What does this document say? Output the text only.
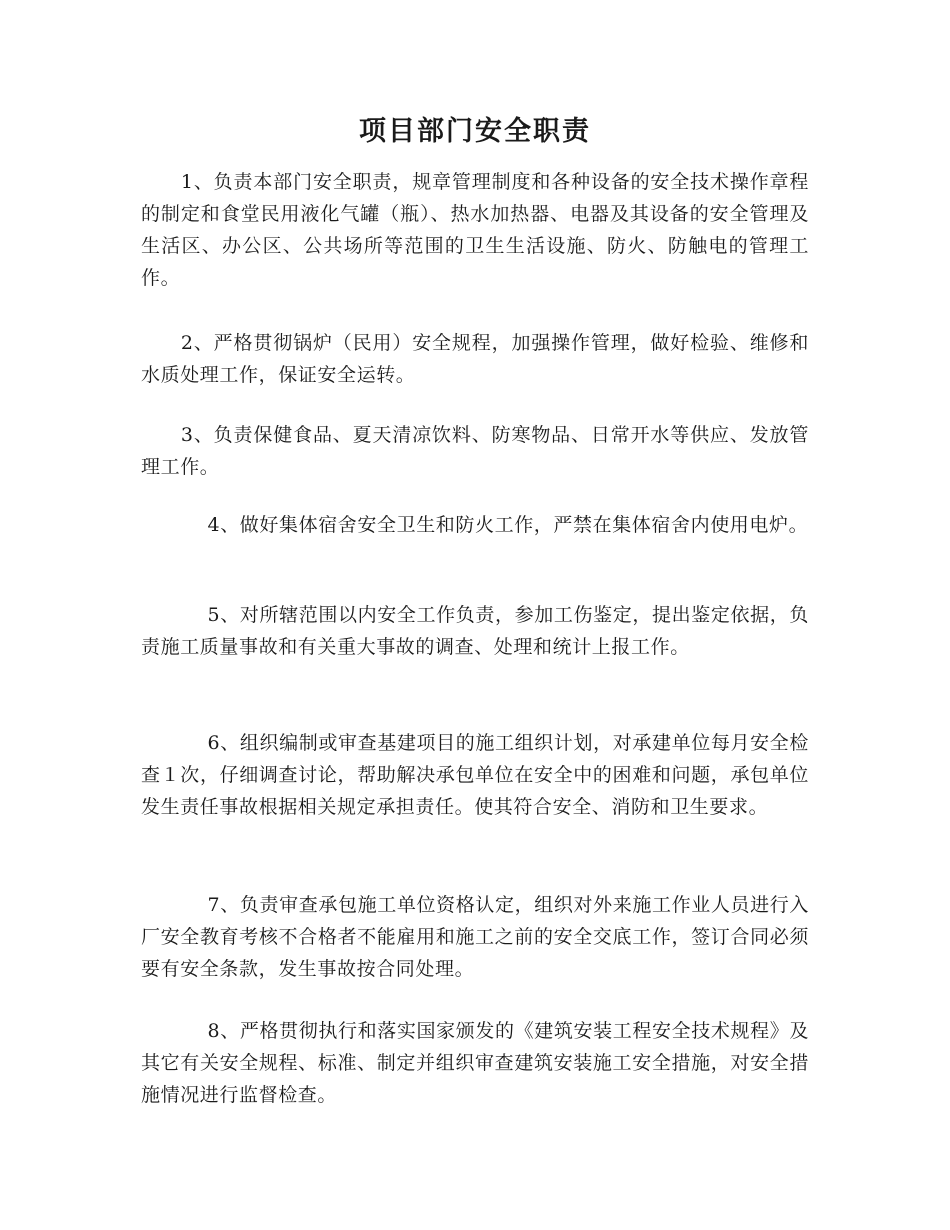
项目部门安全职责

1、负责本部门安全职责，规章管理制度和各种设备的安全技术操作章程的制定和食堂民用液化气罐（瓶）、热水加热器、电器及其设备的安全管理及生活区、办公区、公共场所等范围的卫生生活设施、防火、防触电的管理工作。

2、严格贯彻锅炉（民用）安全规程，加强操作管理，做好检验、维修和水质处理工作，保证安全运转。

3、负责保健食品、夏天清凉饮料、防寒物品、日常开水等供应、发放管理工作。

4、做好集体宿舍安全卫生和防火工作，严禁在集体宿舍内使用电炉。

5、对所辖范围以内安全工作负责，参加工伤鉴定，提出鉴定依据，负责施工质量事故和有关重大事故的调查、处理和统计上报工作。

6、组织编制或审查基建项目的施工组织计划，对承建单位每月安全检查１次，仔细调查讨论，帮助解决承包单位在安全中的困难和问题，承包单位发生责任事故根据相关规定承担责任。使其符合安全、消防和卫生要求。

7、负责审查承包施工单位资格认定，组织对外来施工作业人员进行入厂安全教育考核不合格者不能雇用和施工之前的安全交底工作，签订合同必须要有安全条款，发生事故按合同处理。

8、严格贯彻执行和落实国家颁发的《建筑安装工程安全技术规程》及其它有关安全规程、标准、制定并组织审查建筑安装施工安全措施，对安全措施情况进行监督检查。
